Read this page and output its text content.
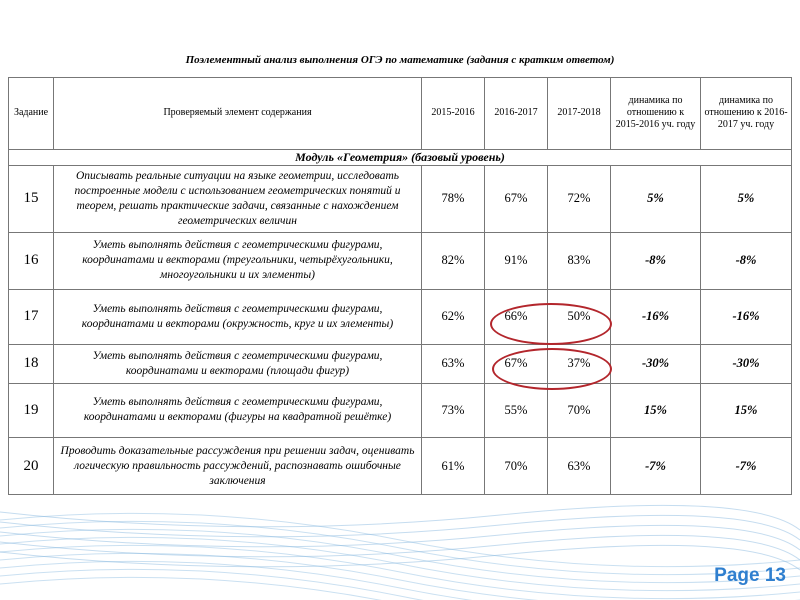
Поэлементный анализ выполнения ОГЭ по математике (задания с кратким ответом)
Задание	Проверяемый элемент содержания	2015-2016	2016-2017	2017-2018	динамика по отношению к 2015-2016 уч. году	динамика по отношению к 2016-2017 уч. году
Модуль «Геометрия» (базовый уровень)						
15	Описывать реальные ситуации на языке геометрии, исследовать построенные модели с использованием геометрических понятий и теорем, решать практические задачи, связанные с нахождением геометрических величин	78%	67%	72%	5%	5%
16	Уметь выполнять действия с геометрическими фигурами, координатами и векторами (треугольники, четырёхугольники, многоугольники и их элементы)	82%	91%	83%	-8%	-8%
17	Уметь выполнять действия с геометрическими фигурами, координатами и векторами (окружность, круг и их элементы)	62%	66%	50%	-16%	-16%
18	Уметь выполнять действия с геометрическими фигурами, координатами и векторами (площади фигур)	63%	67%	37%	-30%	-30%
19	Уметь выполнять действия с геометрическими фигурами, координатами и векторами (фигуры на квадратной решётке)	73%	55%	70%	15%	15%
20	Проводить доказательные рассуждения при решении задач, оценивать логическую правильность рассуждений, распознавать ошибочные заключения	61%	70%	63%	-7%	-7%
Page 13
